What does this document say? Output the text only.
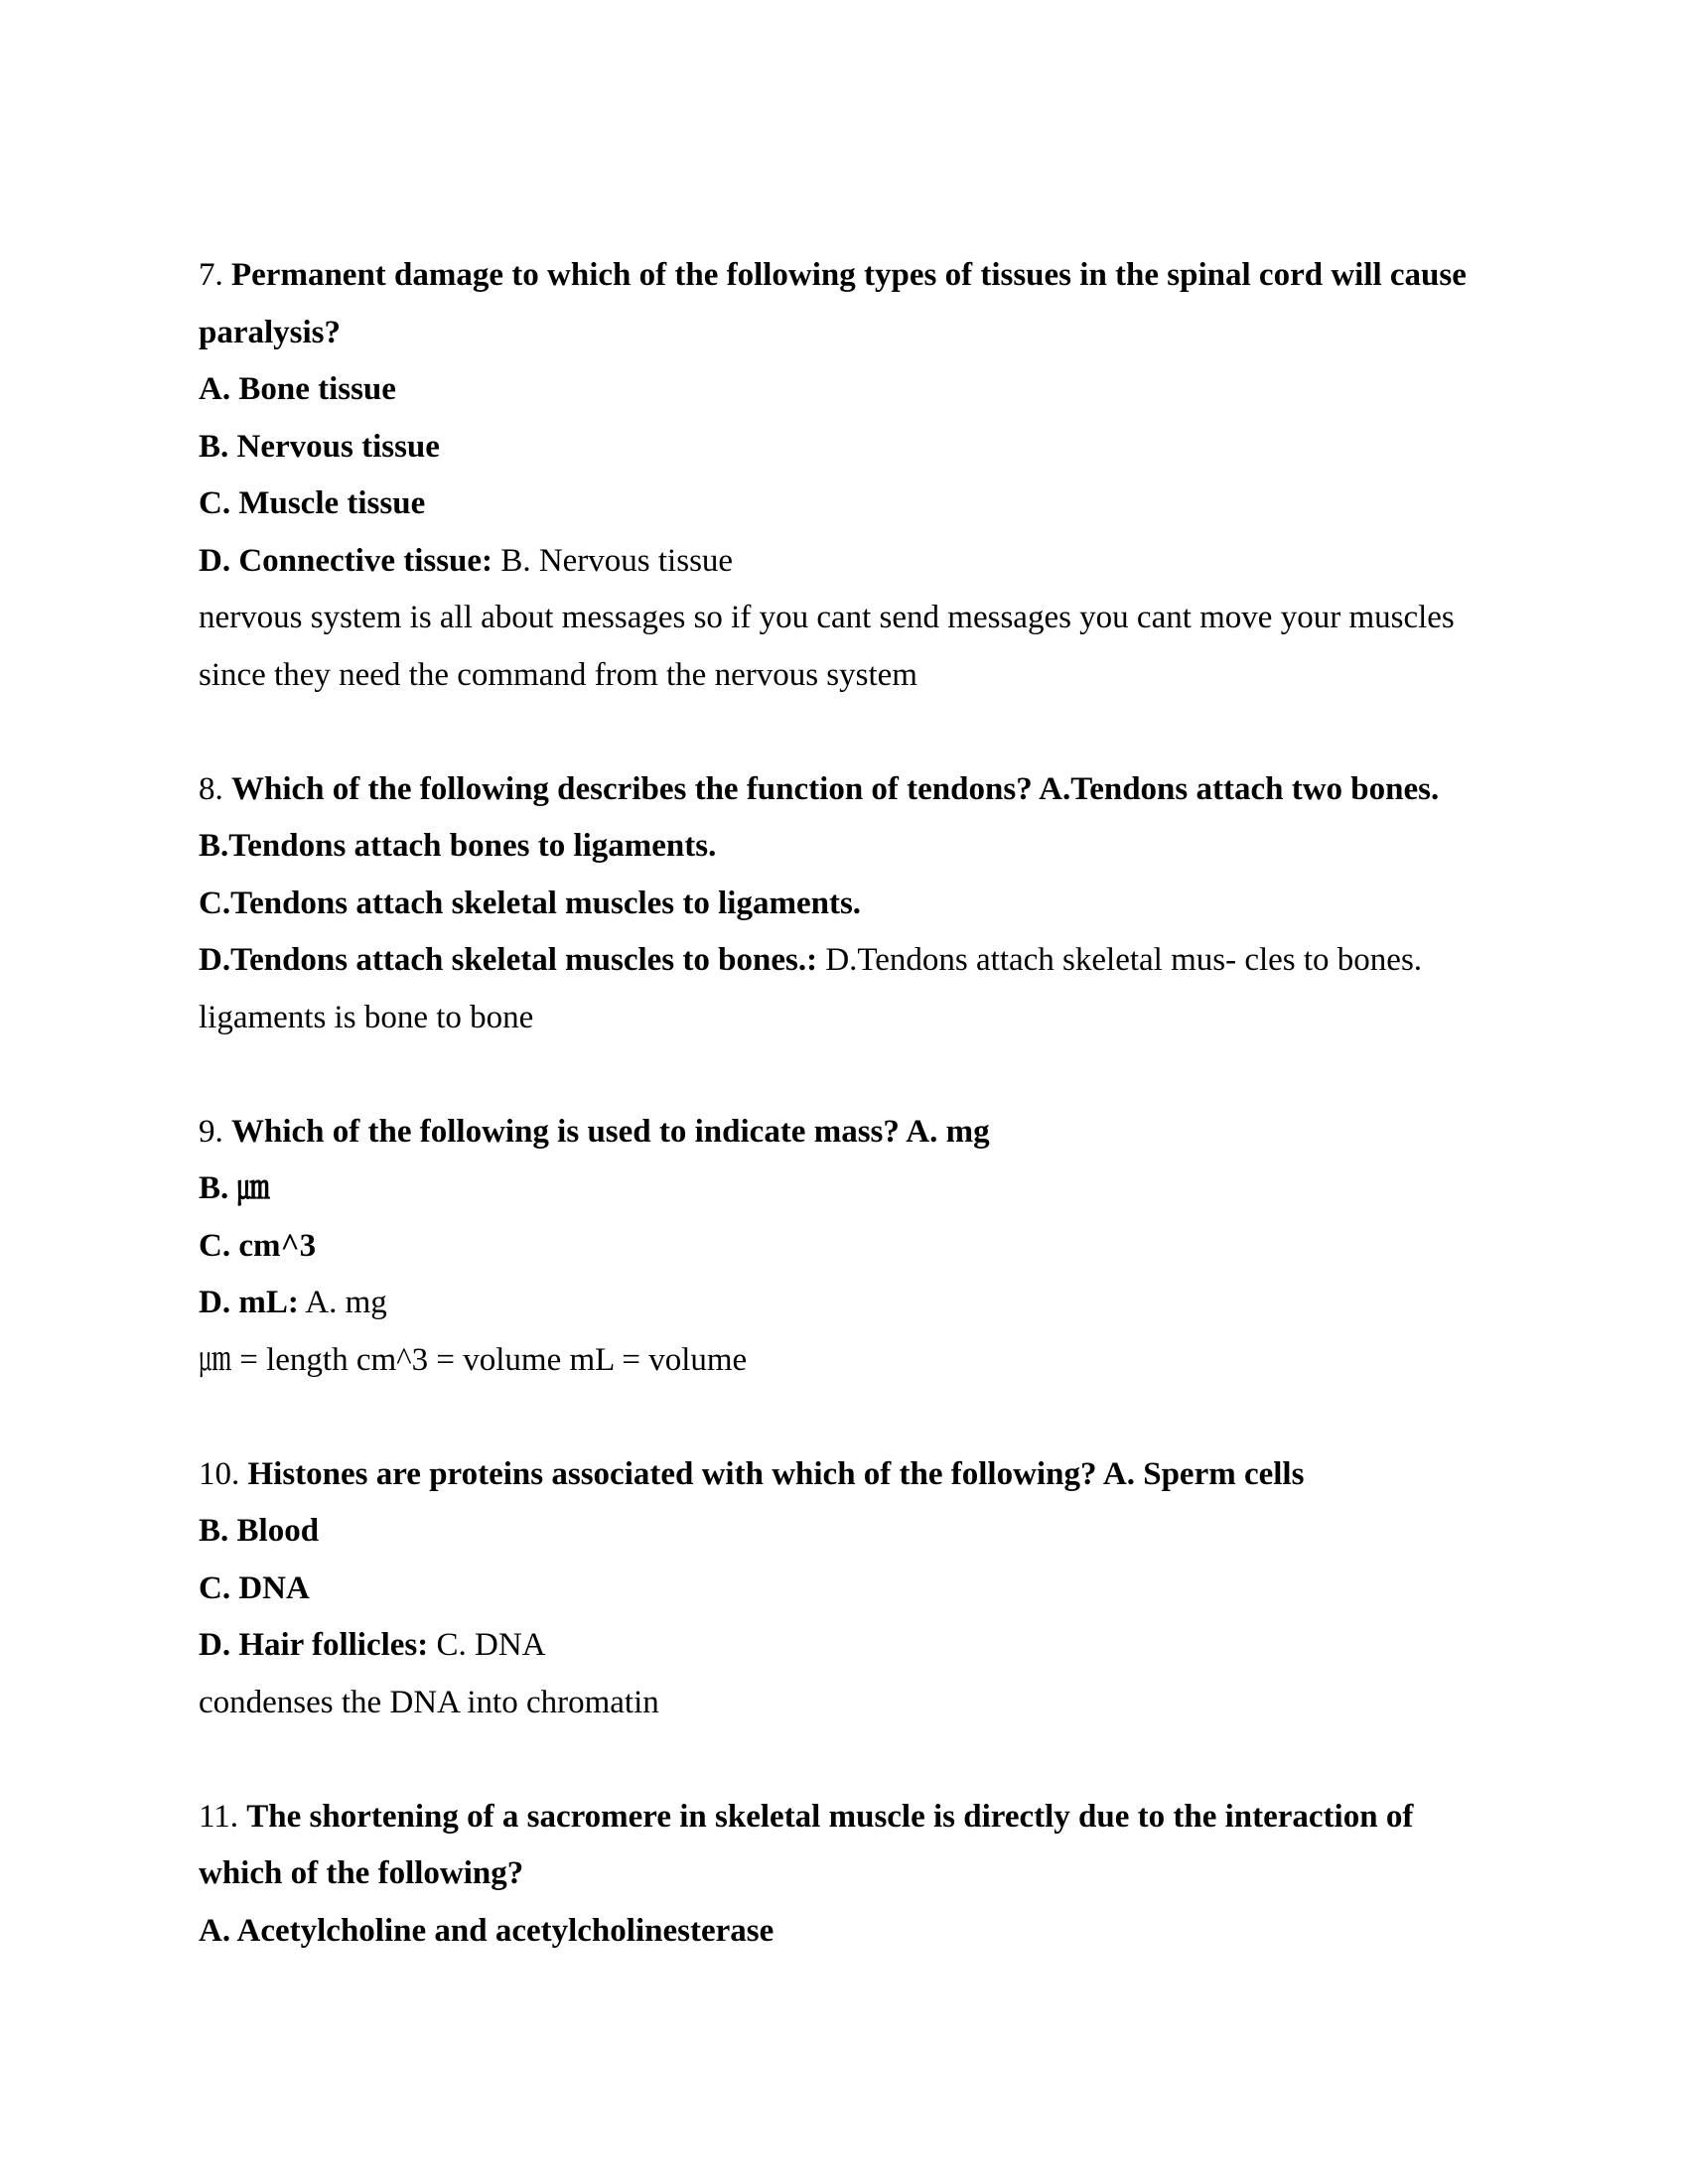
7. Permanent damage to which of the following types of tissues in the spinal cord will cause
paralysis?
A. Bone tissue
B. Nervous tissue
C. Muscle tissue
D. Connective tissue: B. Nervous tissue
nervous system is all about messages so if you cant send messages you cant move your muscles
since they need the command from the nervous system
8. Which of the following describes the function of tendons? A.Tendons attach two bones.
B.Tendons attach bones to ligaments.
C.Tendons attach skeletal muscles to ligaments.
D.Tendons attach skeletal muscles to bones.: D.Tendons attach skeletal mus- cles to bones.
ligaments is bone to bone
9. Which of the following is used to indicate mass? A. mg
B. ㎛
C. cm^3
D. mL: A. mg
㎛ = length cm^3 = volume mL = volume
10. Histones are proteins associated with which of the following? A. Sperm cells
B. Blood
C. DNA
D. Hair follicles: C. DNA
condenses the DNA into chromatin
11. The shortening of a sacromere in skeletal muscle is directly due to the interaction of
which of the following?
A. Acetylcholine and acetylcholinesterase
